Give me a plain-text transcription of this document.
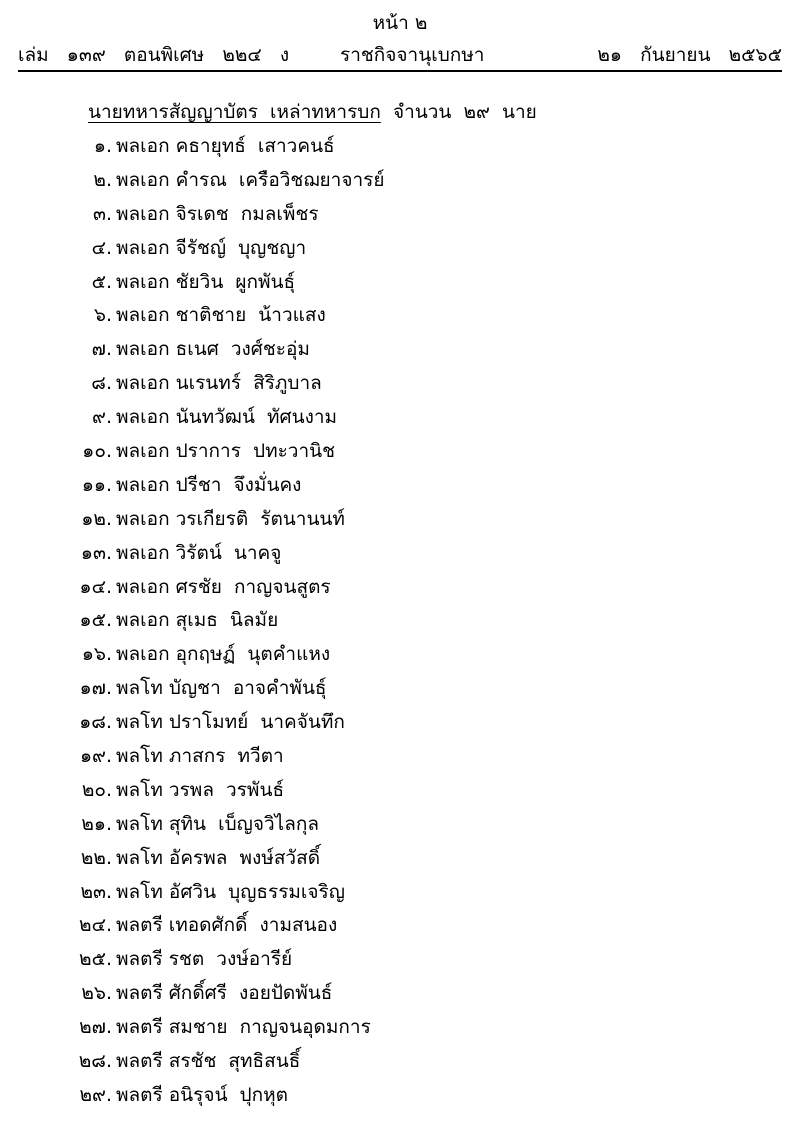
หน้า ๒
เล่ม   ๑๓๙   ตอนพิเศษ   ๒๒๔   ง	ราชกิจจานุเบกษา	๒๑   กันยายน   ๒๕๖๕
นายทหารสัญญาบัตร  เหล่าทหารบก  จำนวน  ๒๙  นาย
๑. พลเอก คธายุทธ์  เสาวคนธ์
๒. พลเอก คำรณ  เครือวิชฌยาจารย์
๓. พลเอก จิรเดช  กมลเพ็ชร
๔. พลเอก จีรัชญ์  บุญชญา
๕. พลเอก ชัยวิน  ผูกพันธุ์
๖. พลเอก ชาติชาย  น้าวแสง
๗. พลเอก ธเนศ  วงศ์ชะอุ่ม
๘. พลเอก นเรนทร์  สิริภูบาล
๙. พลเอก นันทวัฒน์  ทัศนงาม
๑๐. พลเอก ปราการ  ปทะวานิช
๑๑. พลเอก ปรีชา  จึงมั่นคง
๑๒. พลเอก วรเกียรติ  รัตนานนท์
๑๓. พลเอก วิรัตน์  นาคจู
๑๔. พลเอก ศรชัย  กาญจนสูตร
๑๕. พลเอก สุเมธ  นิลมัย
๑๖. พลเอก อุกฤษฏ์  นุตคำแหง
๑๗. พลโท บัญชา  อาจคำพันธุ์
๑๘. พลโท ปราโมทย์  นาคจันทึก
๑๙. พลโท ภาสกร  ทวีตา
๒๐. พลโท วรพล  วรพันธ์
๒๑. พลโท สุทิน  เบ็ญจวิไลกุล
๒๒. พลโท อัครพล  พงษ์สวัสดิ์
๒๓. พลโท อัศวิน  บุญธรรมเจริญ
๒๔. พลตรี เทอดศักดิ์  งามสนอง
๒๕. พลตรี รชต  วงษ์อารีย์
๒๖. พลตรี ศักดิ์ศรี  งอยปัดพันธ์
๒๗. พลตรี สมชาย  กาญจนอุดมการ
๒๘. พลตรี สรชัช  สุทธิสนธิ์
๒๙. พลตรี อนิรุจน์  ปุกหุต
